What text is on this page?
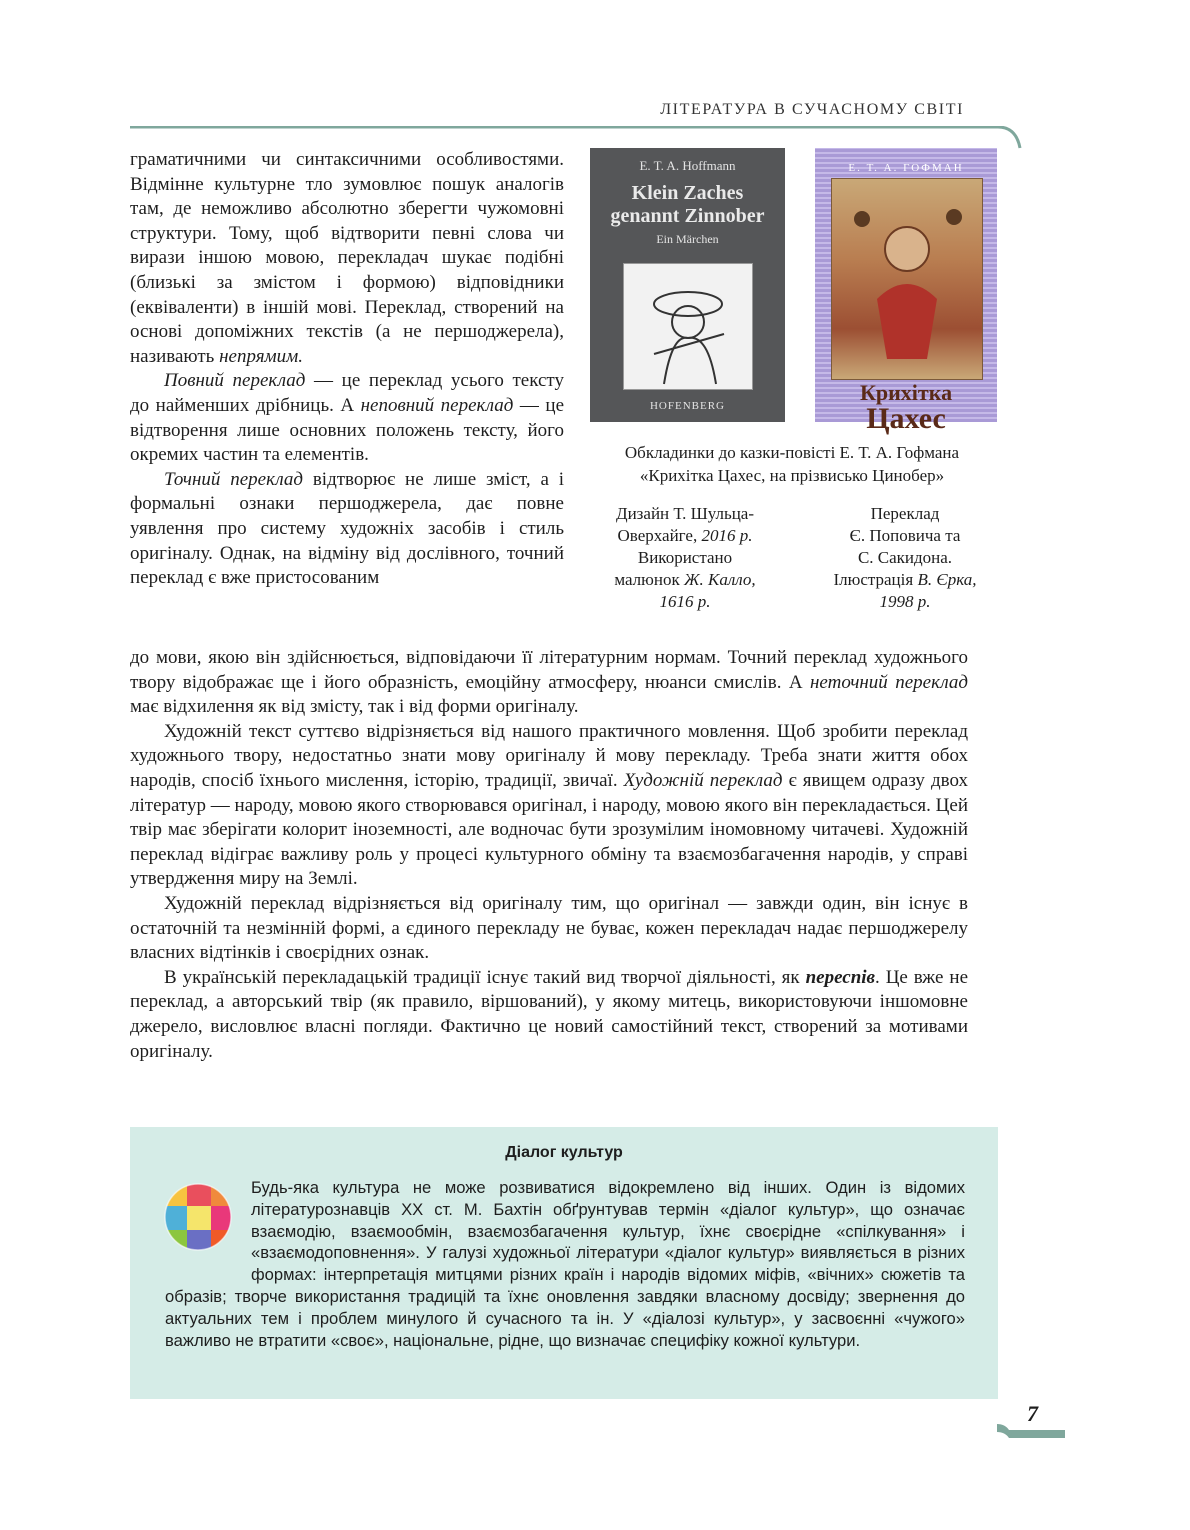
ЛІТЕРАТУРА В СУЧАСНОМУ СВІТІ

граматичними чи синтаксичними особливостями. Відмінне культурне тло зумовлює пошук аналогів там, де неможливо абсолютно зберегти чужомовні структури. Тому, щоб відтворити певні слова чи вирази іншою мовою, перекладач шукає подібні (близькі за змістом і формою) відповідники (еквіваленти) в іншій мові. Переклад, створений на основі допоміжних текстів (а не першоджерела), називають непрямим.

Повний переклад — це переклад усього тексту до найменших дрібниць. А неповний переклад — це відтворення лише основних положень тексту, його окремих частин та елементів.

Точний переклад відтворює не лише зміст, а і формальні ознаки першоджерела, дає повне уявлення про систему художніх засобів і стиль оригіналу. Однак, на відміну від дослівного, точний переклад є вже пристосованим

E. T. A. Hoffmann
Klein Zaches
genannt Zinnober
Ein Märchen
HOFENBERG
Е. Т. А. ГОФМАН
Крихітка
Цахес
Обкладинки до казки-повісті Е. Т. А. Гофмана
«Крихітка Цахес, на прізвисько Цинобер»
Дизайн Т. Шульца-
Оверхайге, 2016 р.
Використано
малюнок Ж. Калло,
1616 р.
Переклад
Є. Поповича та
С. Сакидона.
Ілюстрація В. Єрка,
1998 р.

до мови, якою він здійснюється, відповідаючи її літературним нормам. Точний переклад художнього твору відображає ще і його образність, емоційну атмосферу, нюанси смислів. А неточний переклад має відхилення як від змісту, так і від форми оригіналу.

Художній текст суттєво відрізняється від нашого практичного мовлення. Щоб зробити переклад художнього твору, недостатньо знати мову оригіналу й мову перекладу. Треба знати життя обох народів, спосіб їхнього мислення, історію, традиції, звичаї. Художній переклад є явищем одразу двох літератур — народу, мовою якого створювався оригінал, і народу, мовою якого він перекладається. Цей твір має зберігати колорит іноземності, але водночас бути зрозумілим іномовному читачеві. Художній переклад відіграє важливу роль у процесі культурного обміну та взаємозбагачення народів, у справі утвердження миру на Землі.

Художній переклад відрізняється від оригіналу тим, що оригінал — завжди один, він існує в остаточній та незмінній формі, а єдиного перекладу не буває, кожен перекладач надає першоджерелу власних відтінків і своєрідних ознак.

В українській перекладацькій традиції існує такий вид творчої діяльності, як переспів. Це вже не переклад, а авторський твір (як правило, віршований), у якому митець, використовуючи іншомовне джерело, висловлює власні погляди. Фактично це новий самостійний текст, створений за мотивами оригіналу.

Діалог культур
Будь-яка культура не може розвиватися відокремлено від інших. Один із відомих літературознавців XX ст. М. Бахтін обґрунтував термін «діалог культур», що означає взаємодію, взаємообмін, взаємозбагачення культур, їхнє своєрідне «спілкування» і «взаємодоповнення». У галузі художньої літератури «діалог культур» виявляється в різних формах: інтерпретація митцями різних країн і народів відомих міфів, «вічних» сюжетів та образів; творче використання традицій та їхнє оновлення завдяки власному досвіду; звернення до актуальних тем і проблем минулого й сучасного та ін. У «діалозі культур», у засвоєнні «чужого» важливо не втратити «своє», національне, рідне, що визначає специфіку кожної культури.
7
